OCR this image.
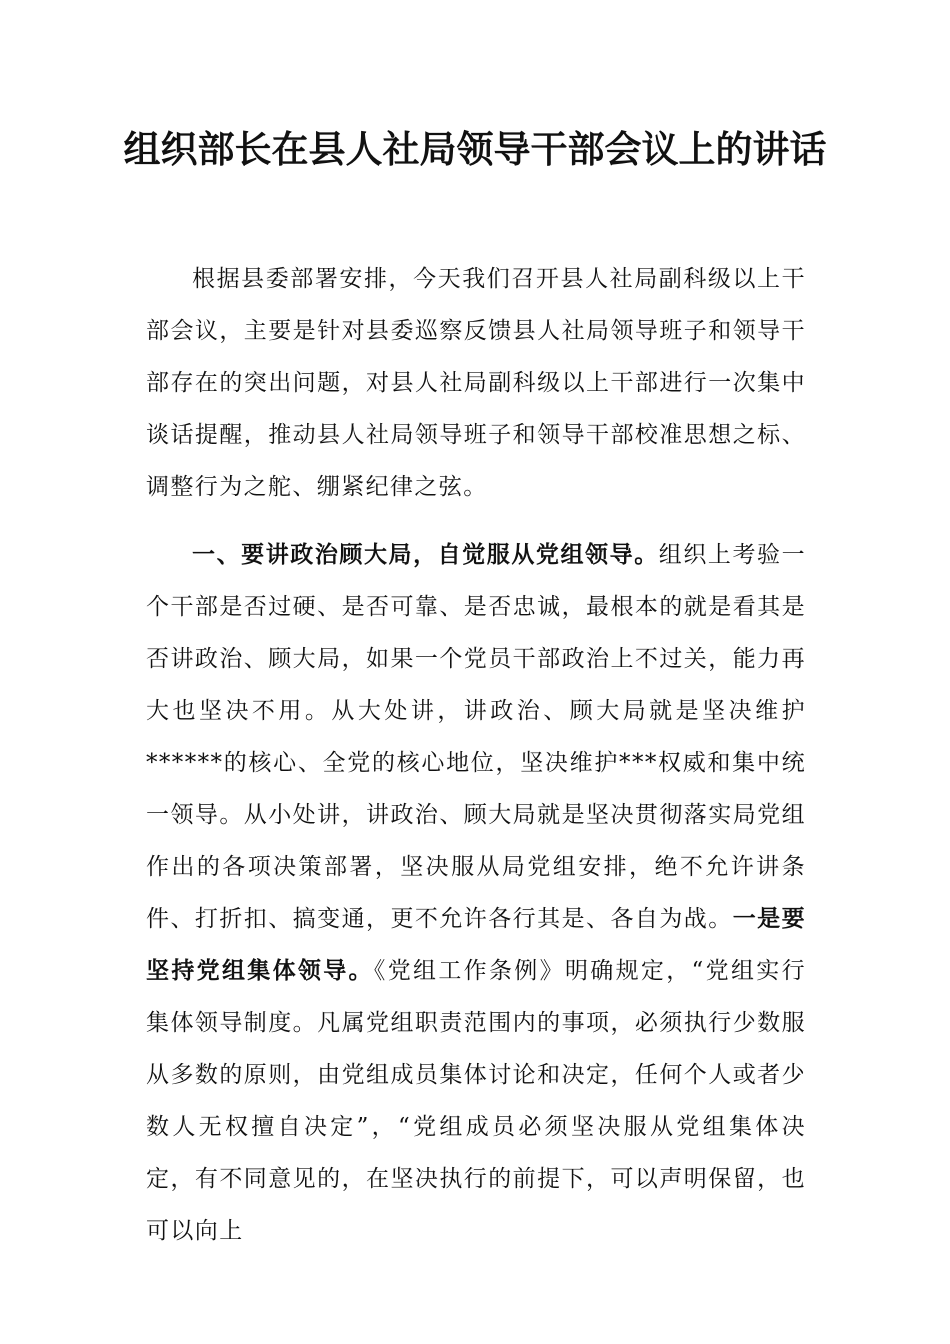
组织部长在县人社局领导干部会议上的讲话

根据县委部署安排，今天我们召开县人社局副科级以上干部会议，主要是针对县委巡察反馈县人社局领导班子和领导干部存在的突出问题，对县人社局副科级以上干部进行一次集中谈话提醒，推动县人社局领导班子和领导干部校准思想之标、调整行为之舵、绷紧纪律之弦。

一、要讲政治顾大局，自觉服从党组领导。组织上考验一个干部是否过硬、是否可靠、是否忠诚，最根本的就是看其是否讲政治、顾大局，如果一个党员干部政治上不过关，能力再大也坚决不用。从大处讲，讲政治、顾大局就是坚决维护******的核心、全党的核心地位，坚决维护***权威和集中统一领导。从小处讲，讲政治、顾大局就是坚决贯彻落实局党组作出的各项决策部署，坚决服从局党组安排，绝不允许讲条件、打折扣、搞变通，更不允许各行其是、各自为战。一是要坚持党组集体领导。《党组工作条例》明确规定，“党组实行集体领导制度。凡属党组职责范围内的事项，必须执行少数服从多数的原则，由党组成员集体讨论和决定，任何个人或者少数人无权擅自决定”，“党组成员必须坚决服从党组集体决定，有不同意见的，在坚决执行的前提下，可以声明保留，也可以向上
